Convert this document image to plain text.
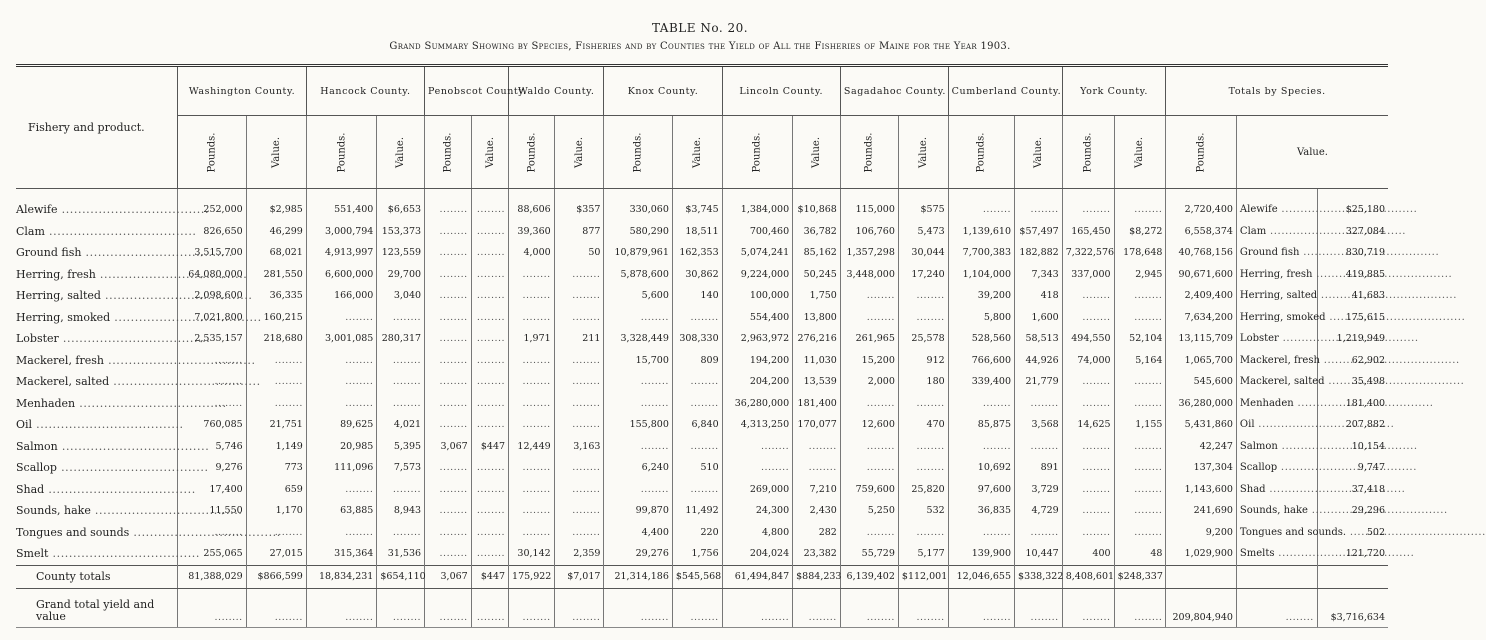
TABLE No. 20.
Grand Summary Showing by Species, Fisheries and by Counties the Yield of All the Fisheries of Maine for the Year 1903.
Fishery and product.	Washington County.		Hancock County.		Penobscot County.		Waldo County.		Knox County.		Lincoln County.		Sagadahoc County.		Cumberland County.		York County.		Totals by Species.		
	Pounds.	Value.	Pounds.	Value.	Pounds.	Value.	Pounds.	Value.	Pounds.	Value.	Pounds.	Value.	Pounds.	Value.	Pounds.	Value.	Pounds.	Value.	Pounds.	Value.	

Alewife .....	252,000	$2,985	551,400	$6,653	........	........	88,606	$357	330,060	$3,745	1,384,000	$10,868	115,000	$575	........	........	........	........	2,720,400	Alewife .....	$25,180
Clam .....	826,650	46,299	3,000,794	153,373	........	........	39,360	877	580,290	18,511	700,460	36,782	106,760	5,473	1,139,610	$57,497	165,450	$8,272	6,558,374	Clam .....	327,084
Ground fish .....	3,515,700	68,021	4,913,997	123,559	........	........	4,000	50	10,879,961	162,353	5,074,241	85,162	1,357,298	30,044	7,700,383	182,882	7,322,576	178,648	40,768,156	Ground fish .....	830,719
Herring, fresh .....	64,080,000	281,550	6,600,000	29,700	........	........	........	........	5,878,600	30,862	9,224,000	50,245	3,448,000	17,240	1,104,000	7,343	337,000	2,945	90,671,600	Herring, fresh .....	419,885
Herring, salted .....	2,098,600	36,335	166,000	3,040	........	........	........	........	5,600	140	100,000	1,750	........	........	39,200	418	........	........	2,409,400	Herring, salted .....	41,683
Herring, smoked .....	7,021,800	160,215	........	........	........	........	........	........	........	........	554,400	13,800	........	........	5,800	1,600	........	........	7,634,200	Herring, smoked .....	175,615
Lobster .....	2,535,157	218,680	3,001,085	280,317	........	........	1,971	211	3,328,449	308,330	2,963,972	276,216	261,965	25,578	528,560	58,513	494,550	52,104	13,115,709	Lobster .....	1,219,949
Mackerel, fresh .....	........	........	........	........	........	........	........	........	15,700	809	194,200	11,030	15,200	912	766,600	44,926	74,000	5,164	1,065,700	Mackerel, fresh .....	62,902
Mackerel, salted .....	........	........	........	........	........	........	........	........	........	........	204,200	13,539	2,000	180	339,400	21,779	........	........	545,600	Mackerel, salted .....	35,498
Menhaden .....	........	........	........	........	........	........	........	........	........	........	36,280,000	181,400	........	........	........	........	........	........	36,280,000	Menhaden .....	181,400
Oil .....	760,085	21,751	89,625	4,021	........	........	........	........	155,800	6,840	4,313,250	170,077	12,600	470	85,875	3,568	14,625	1,155	5,431,860	Oil .....	207,882
Salmon .....	5,746	1,149	20,985	5,395	3,067	$447	12,449	3,163	........	........	........	........	........	........	........	........	........	........	42,247	Salmon .....	10,154
Scallop .....	9,276	773	111,096	7,573	........	........	........	........	6,240	510	........	........	........	........	10,692	891	........	........	137,304	Scallop .....	9,747
Shad .....	17,400	659	........	........	........	........	........	........	........	........	269,000	7,210	759,600	25,820	97,600	3,729	........	........	1,143,600	Shad .....	37,418
Sounds, hake .....	11,550	1,170	63,885	8,943	........	........	........	........	99,870	11,492	24,300	2,430	5,250	532	36,835	4,729	........	........	241,690	Sounds, hake .....	29,296
Tongues and sounds .....	........	........	........	........	........	........	........	........	4,400	220	4,800	282	........	........	........	........	........	........	9,200	Tongues and sounds. .....	502
Smelt .....	255,065	27,015	315,364	31,536	........	........	30,142	2,359	29,276	1,756	204,024	23,382	55,729	5,177	139,900	10,447	400	48	1,029,900	Smelts .....	121,720
County totals	81,388,029	$866,599	18,834,231	$654,110	3,067	$447	175,922	$7,017	21,314,186	$545,568	61,494,847	$884,233	6,139,402	$112,001	12,046,655	$338,322	8,408,601	$248,337			
Grand total yield and value	........	........	........	........	........	........	........	........	........	........	........	........	........	........	........	........	........	........	209,804,940	........	$3,716,634
